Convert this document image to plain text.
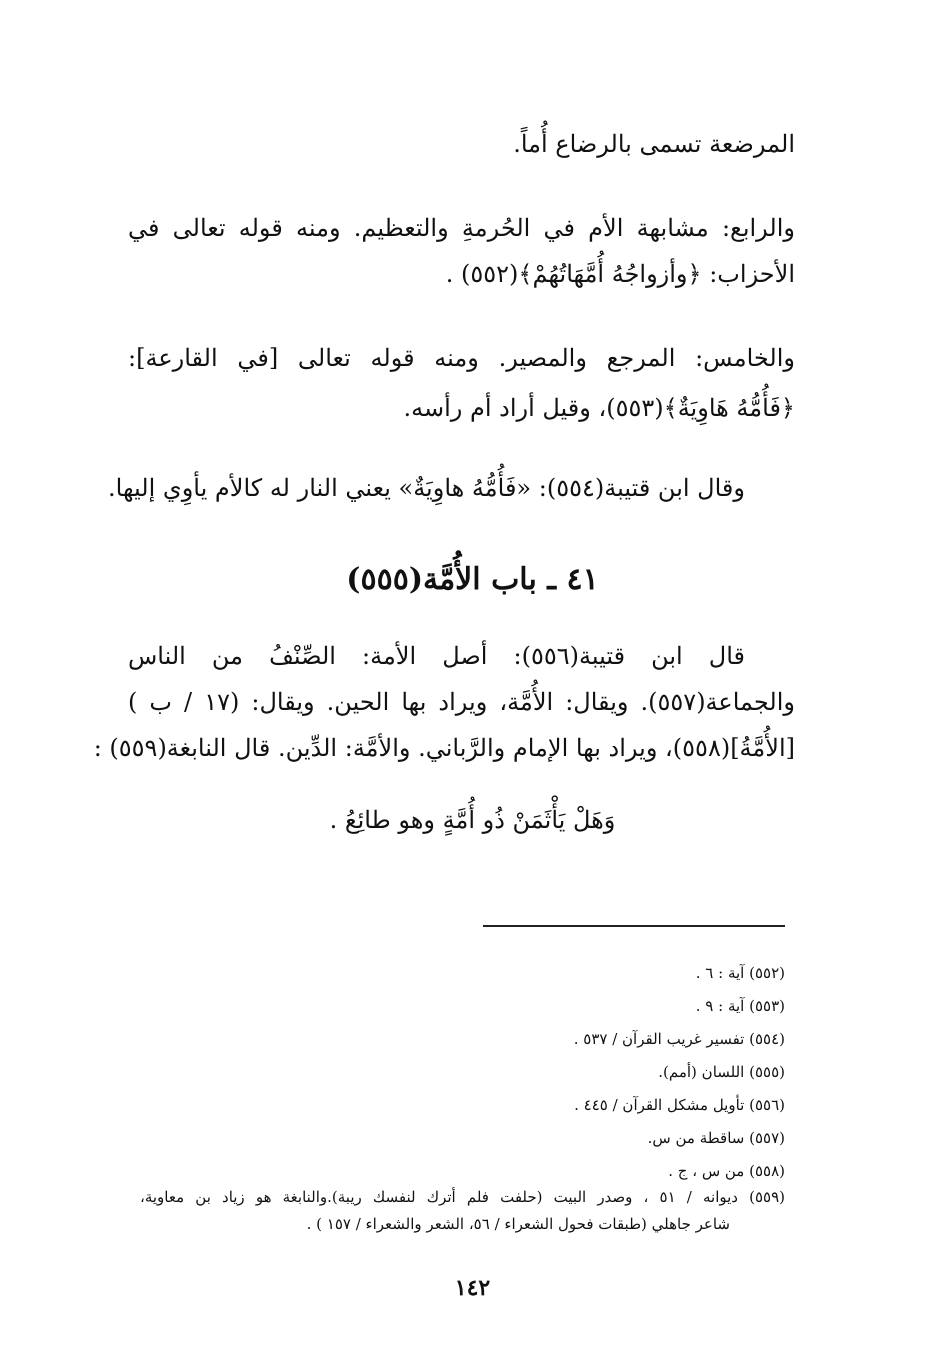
المرضعة تسمى بالرضاع أُماً.
والرابع: مشابهة الأم في الحُرمةِ والتعظيم. ومنه قوله تعالى في
الأحزاب: ﴿وأزواجُهُ أُمَّهَاتُهُمْ﴾(٥٥٢) .
والخامس: المرجع والمصير. ومنه قوله تعالى [في القارعة]:
﴿فَأُمُّهُ هَاوِيَةٌ﴾(٥٥٣)، وقيل أراد أم رأسه.
وقال ابن قتيبة(٥٥٤): «فَأُمُّهُ هاوِيَةٌ» يعني النار له كالأم يأوِي إليها.
٤١ ـ باب الأُمَّة(٥٥٥)
قال ابن قتيبة(٥٥٦): أصل الأمة: الصِّنْفُ من الناس
والجماعة(٥٥٧). ويقال: الأُمَّة، ويراد بها الحين. ويقال: (١٧ / ب )
[الأُمَّةُ](٥٥٨)، ويراد بها الإمام والرَّباني. والأمَّة: الدِّين. قال النابغة(٥٥٩) :
وَهَلْ يَأْثَمَنْ ذُو أُمَّةٍ وهو طائِعُ .
(٥٥٢) آية : ٦ .
(٥٥٣) آية : ٩ .
(٥٥٤) تفسير غريب القرآن / ٥٣٧ .
(٥٥٥) اللسان (أمم).
(٥٥٦) تأويل مشكل القرآن / ٤٤٥ .
(٥٥٧) ساقطة من س.
(٥٥٨) من س ، ج .
(٥٥٩) ديوانه / ٥١ ، وصدر البيت (حلفت فلم أترك لنفسك ريبة).والنابغة هو زياد بن معاوية،
شاعر جاهلي (طبقات فحول الشعراء / ٥٦، الشعر والشعراء / ١٥٧ ) .
١٤٢
